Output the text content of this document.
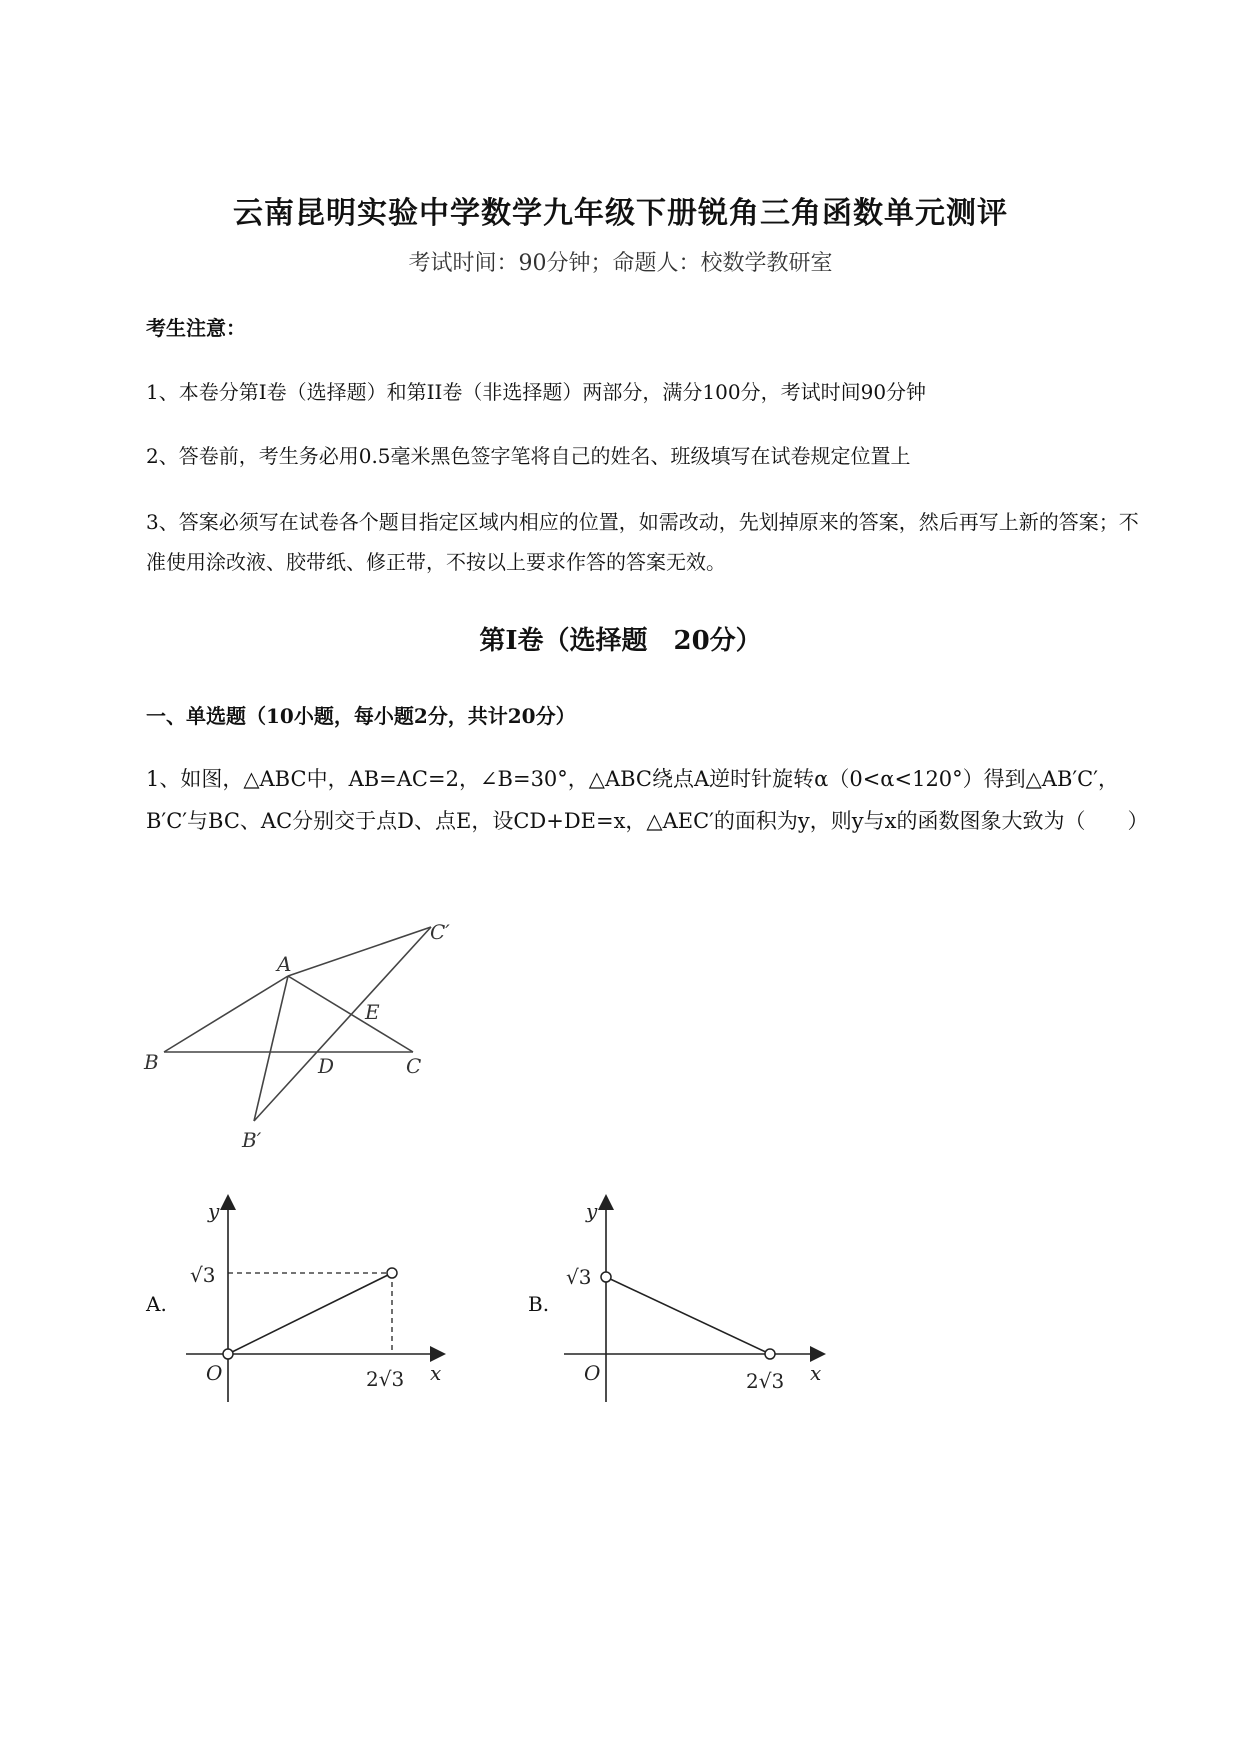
云南昆明实验中学数学九年级下册锐角三角函数单元测评
考试时间：90分钟；命题人：校数学教研室
考生注意：
1、本卷分第I卷（选择题）和第II卷（非选择题）两部分，满分100分，考试时间90分钟
2、答卷前，考生务必用0.5毫米黑色签字笔将自己的姓名、班级填写在试卷规定位置上
3、答案必须写在试卷各个题目指定区域内相应的位置，如需改动，先划掉原来的答案，然后再写上新的答案；不准使用涂改液、胶带纸、修正带，不按以上要求作答的答案无效。
第I卷（选择题　20分）
一、单选题（10小题，每小题2分，共计20分）
1、如图，△ABC中，AB=AC=2，∠B=30°，△ABC绕点A逆时针旋转α（0<α<120°）得到△AB′C′，B′C′与BC、AC分别交于点D、点E，设CD+DE=x，△AEC′的面积为y，则y与x的函数图象大致为（　　）
A
B	C
D
E
B′
C′
A.
y
x
O
√3
2√3
B.
y
x
O
√3
2√3
